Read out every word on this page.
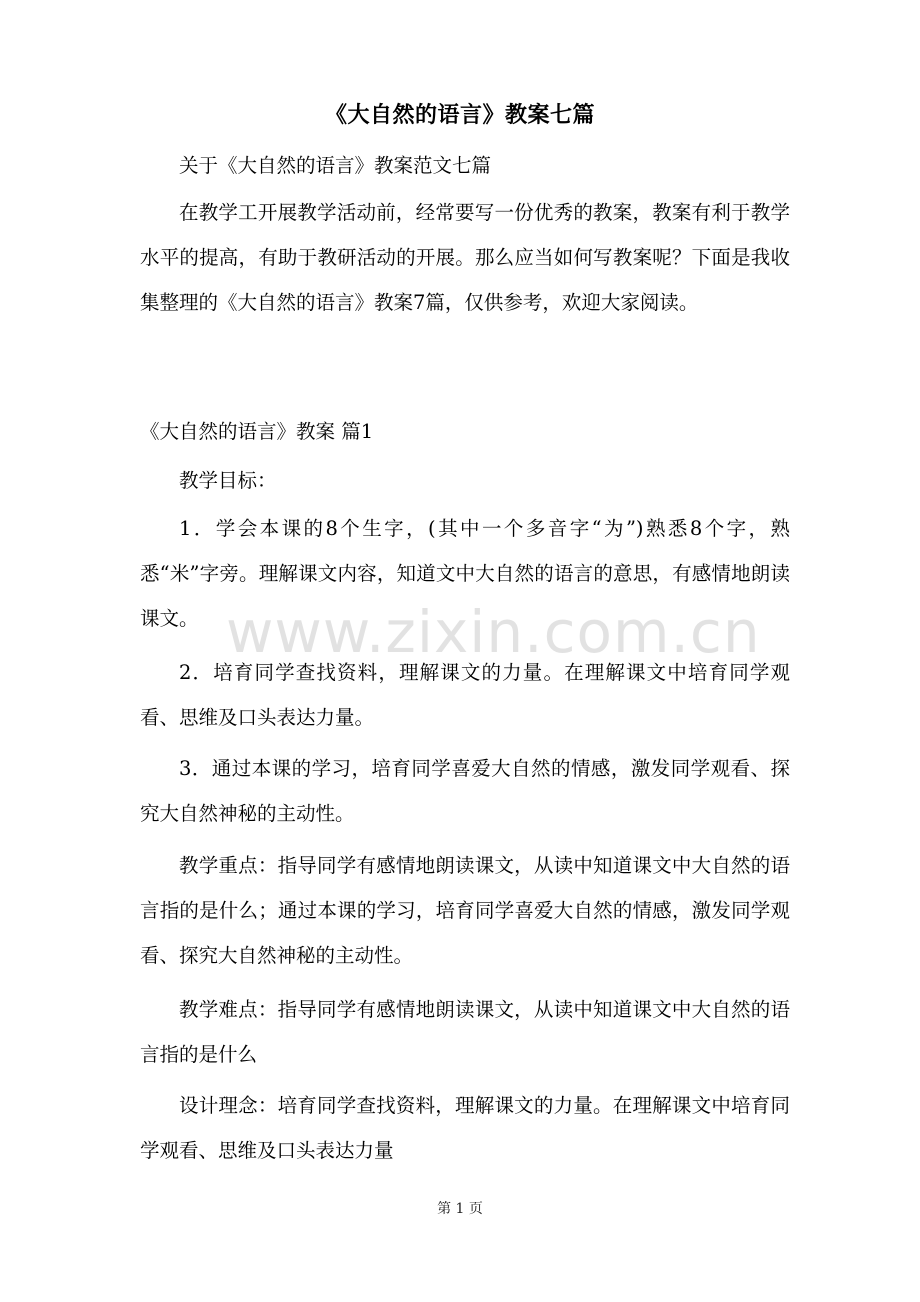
《大自然的语言》教案七篇
关于《大自然的语言》教案范文七篇
在教学工开展教学活动前，经常要写一份优秀的教案，教案有利于教学水平的提高，有助于教研活动的开展。那么应当如何写教案呢？下面是我收集整理的《大自然的语言》教案7篇，仅供参考，欢迎大家阅读。
《大自然的语言》教案 篇1
教学目标：
1．学会本课的8个生字，(其中一个多音字“为”)熟悉8个字，熟悉“米”字旁。理解课文内容，知道文中大自然的语言的意思，有感情地朗读课文。
2．培育同学查找资料，理解课文的力量。在理解课文中培育同学观看、思维及口头表达力量。
3．通过本课的学习，培育同学喜爱大自然的情感，激发同学观看、探究大自然神秘的主动性。
教学重点：指导同学有感情地朗读课文，从读中知道课文中大自然的语言指的是什么；通过本课的学习，培育同学喜爱大自然的情感，激发同学观看、探究大自然神秘的主动性。
教学难点：指导同学有感情地朗读课文，从读中知道课文中大自然的语言指的是什么
设计理念：培育同学查找资料，理解课文的力量。在理解课文中培育同学观看、思维及口头表达力量
www.zixin.com.cn
第 1 页
